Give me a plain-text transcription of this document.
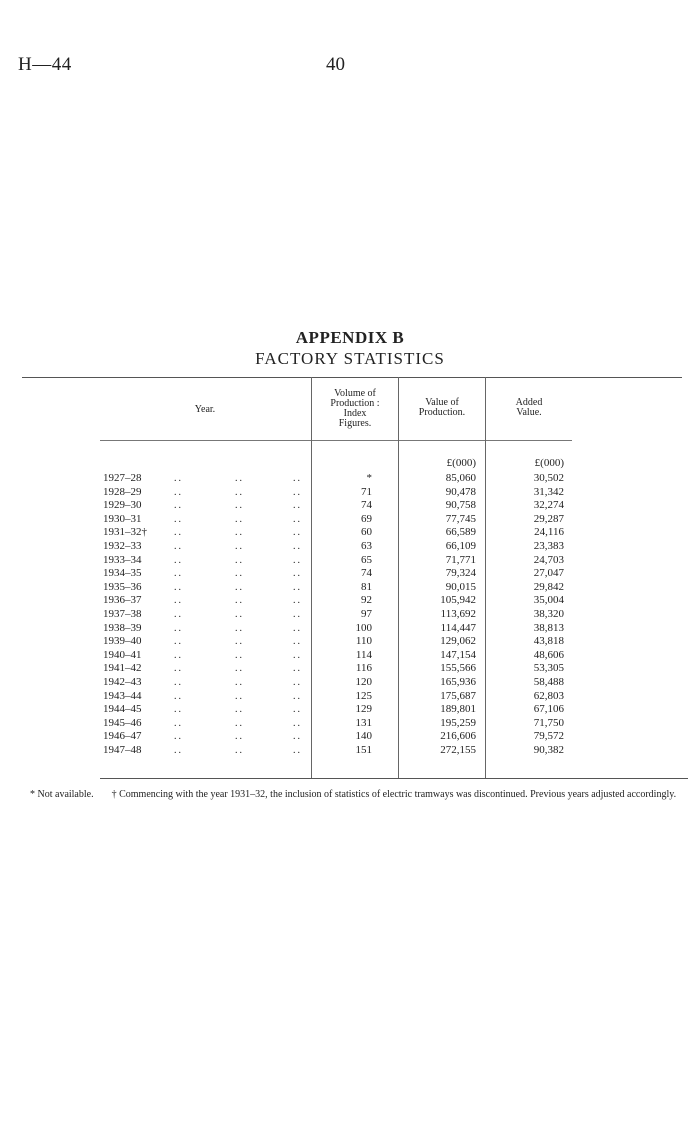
H—44	40
APPENDIX B
FACTORY STATISTICS
Year.
Volume of
Production :
Index
Figures.
Value of
Production.
Added
Value.
£(000)	£(000)
1927–28	..	..	..	*	85,060	30,502
1928–29	..	..	..	71	90,478	31,342
1929–30	..	..	..	74	90,758	32,274
1930–31	..	..	..	69	77,745	29,287
1931–32†	..	..	..	60	66,589	24,116
1932–33	..	..	..	63	66,109	23,383
1933–34	..	..	..	65	71,771	24,703
1934–35	..	..	..	74	79,324	27,047
1935–36	..	..	..	81	90,015	29,842
1936–37	..	..	..	92	105,942	35,004
1937–38	..	..	..	97	113,692	38,320
1938–39	..	..	..	100	114,447	38,813
1939–40	..	..	..	110	129,062	43,818
1940–41	..	..	..	114	147,154	48,606
1941–42	..	..	..	116	155,566	53,305
1942–43	..	..	..	120	165,936	58,488
1943–44	..	..	..	125	175,687	62,803
1944–45	..	..	..	129	189,801	67,106
1945–46	..	..	..	131	195,259	71,750
1946–47	..	..	..	140	216,606	79,572
1947–48	..	..	..	151	272,155	90,382
* Not available. † Commencing with the year 1931–32, the inclusion of statistics of electric tramways was discontinued. Previous years adjusted accordingly.
